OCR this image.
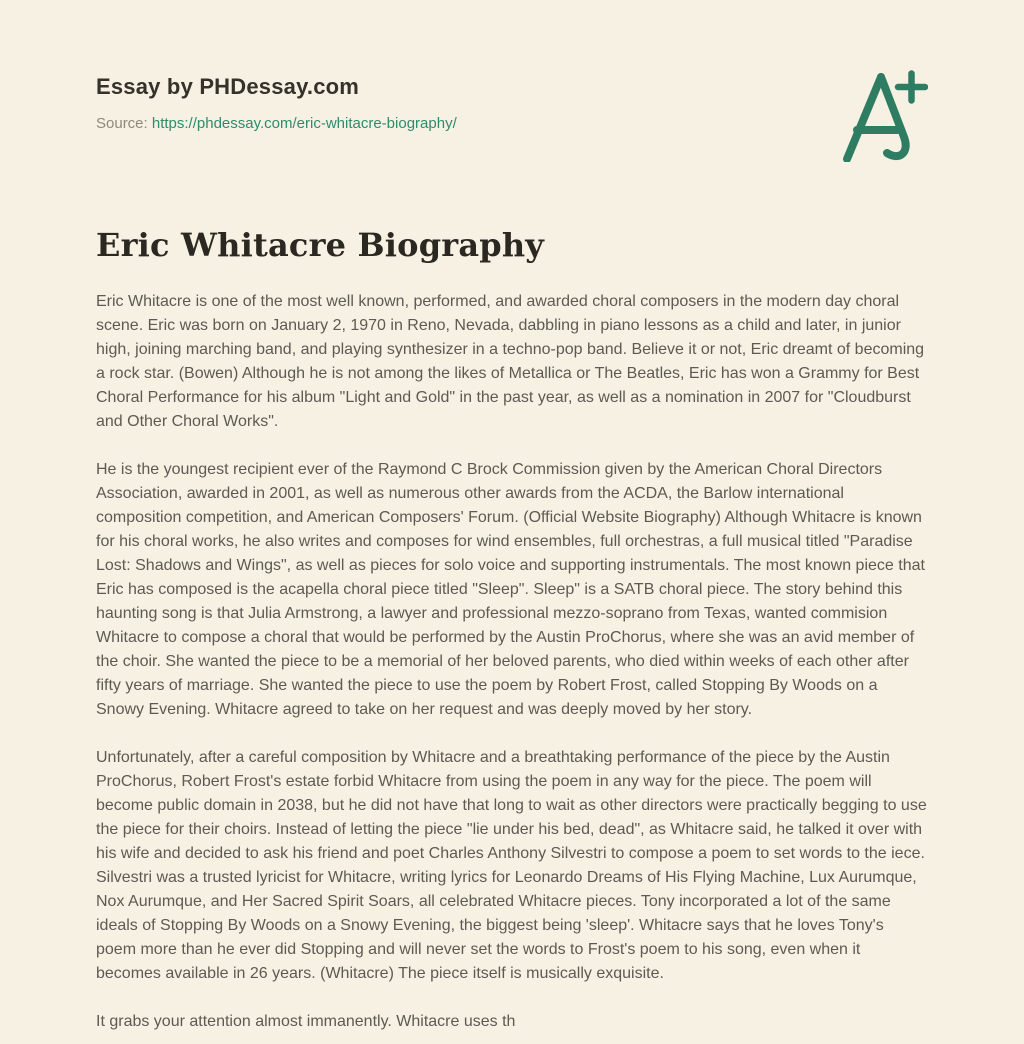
Essay by PHDessay.com
Source: https://phdessay.com/eric-whitacre-biography/
Eric Whitacre Biography

Eric Whitacre is one of the most well known, performed, and awarded choral composers in the modern day choral scene. Eric was born on January 2, 1970 in Reno, Nevada, dabbling in piano lessons as a child and later, in junior high, joining marching band, and playing synthesizer in a techno-pop band. Believe it or not, Eric dreamt of becoming a rock star. (Bowen) Although he is not among the likes of Metallica or The Beatles, Eric has won a Grammy for Best Choral Performance for his album "Light and Gold" in the past year, as well as a nomination in 2007 for "Cloudburst and Other Choral Works".

He is the youngest recipient ever of the Raymond C Brock Commission given by the American Choral Directors Association, awarded in 2001, as well as numerous other awards from the ACDA, the Barlow international composition competition, and American Composers' Forum. (Official Website Biography) Although Whitacre is known for his choral works, he also writes and composes for wind ensembles, full orchestras, a full musical titled "Paradise Lost: Shadows and Wings", as well as pieces for solo voice and supporting instrumentals. The most known piece that Eric has composed is the acapella choral piece titled "Sleep". Sleep" is a SATB choral piece. The story behind this haunting song is that Julia Armstrong, a lawyer and professional mezzo-soprano from Texas, wanted commision Whitacre to compose a choral that would be performed by the Austin ProChorus, where she was an avid member of the choir. She wanted the piece to be a memorial of her beloved parents, who died within weeks of each other after fifty years of marriage. She wanted the piece to use the poem by Robert Frost, called Stopping By Woods on a Snowy Evening. Whitacre agreed to take on her request and was deeply moved by her story.

Unfortunately, after a careful composition by Whitacre and a breathtaking performance of the piece by the Austin ProChorus, Robert Frost's estate forbid Whitacre from using the poem in any way for the piece. The poem will become public domain in 2038, but he did not have that long to wait as other directors were practically begging to use the piece for their choirs. Instead of letting the piece "lie under his bed, dead", as Whitacre said, he talked it over with his wife and decided to ask his friend and poet Charles Anthony Silvestri to compose a poem to set words to the iece. Silvestri was a trusted lyricist for Whitacre, writing lyrics for Leonardo Dreams of His Flying Machine, Lux Aurumque, Nox Aurumque, and Her Sacred Spirit Soars, all celebrated Whitacre pieces. Tony incorporated a lot of the same ideals of Stopping By Woods on a Snowy Evening, the biggest being 'sleep'. Whitacre says that he loves Tony's poem more than he ever did Stopping and will never set the words to Frost's poem to his song, even when it becomes available in 26 years. (Whitacre) The piece itself is musically exquisite.

It grabs your attention almost immanently. Whitacre uses th
